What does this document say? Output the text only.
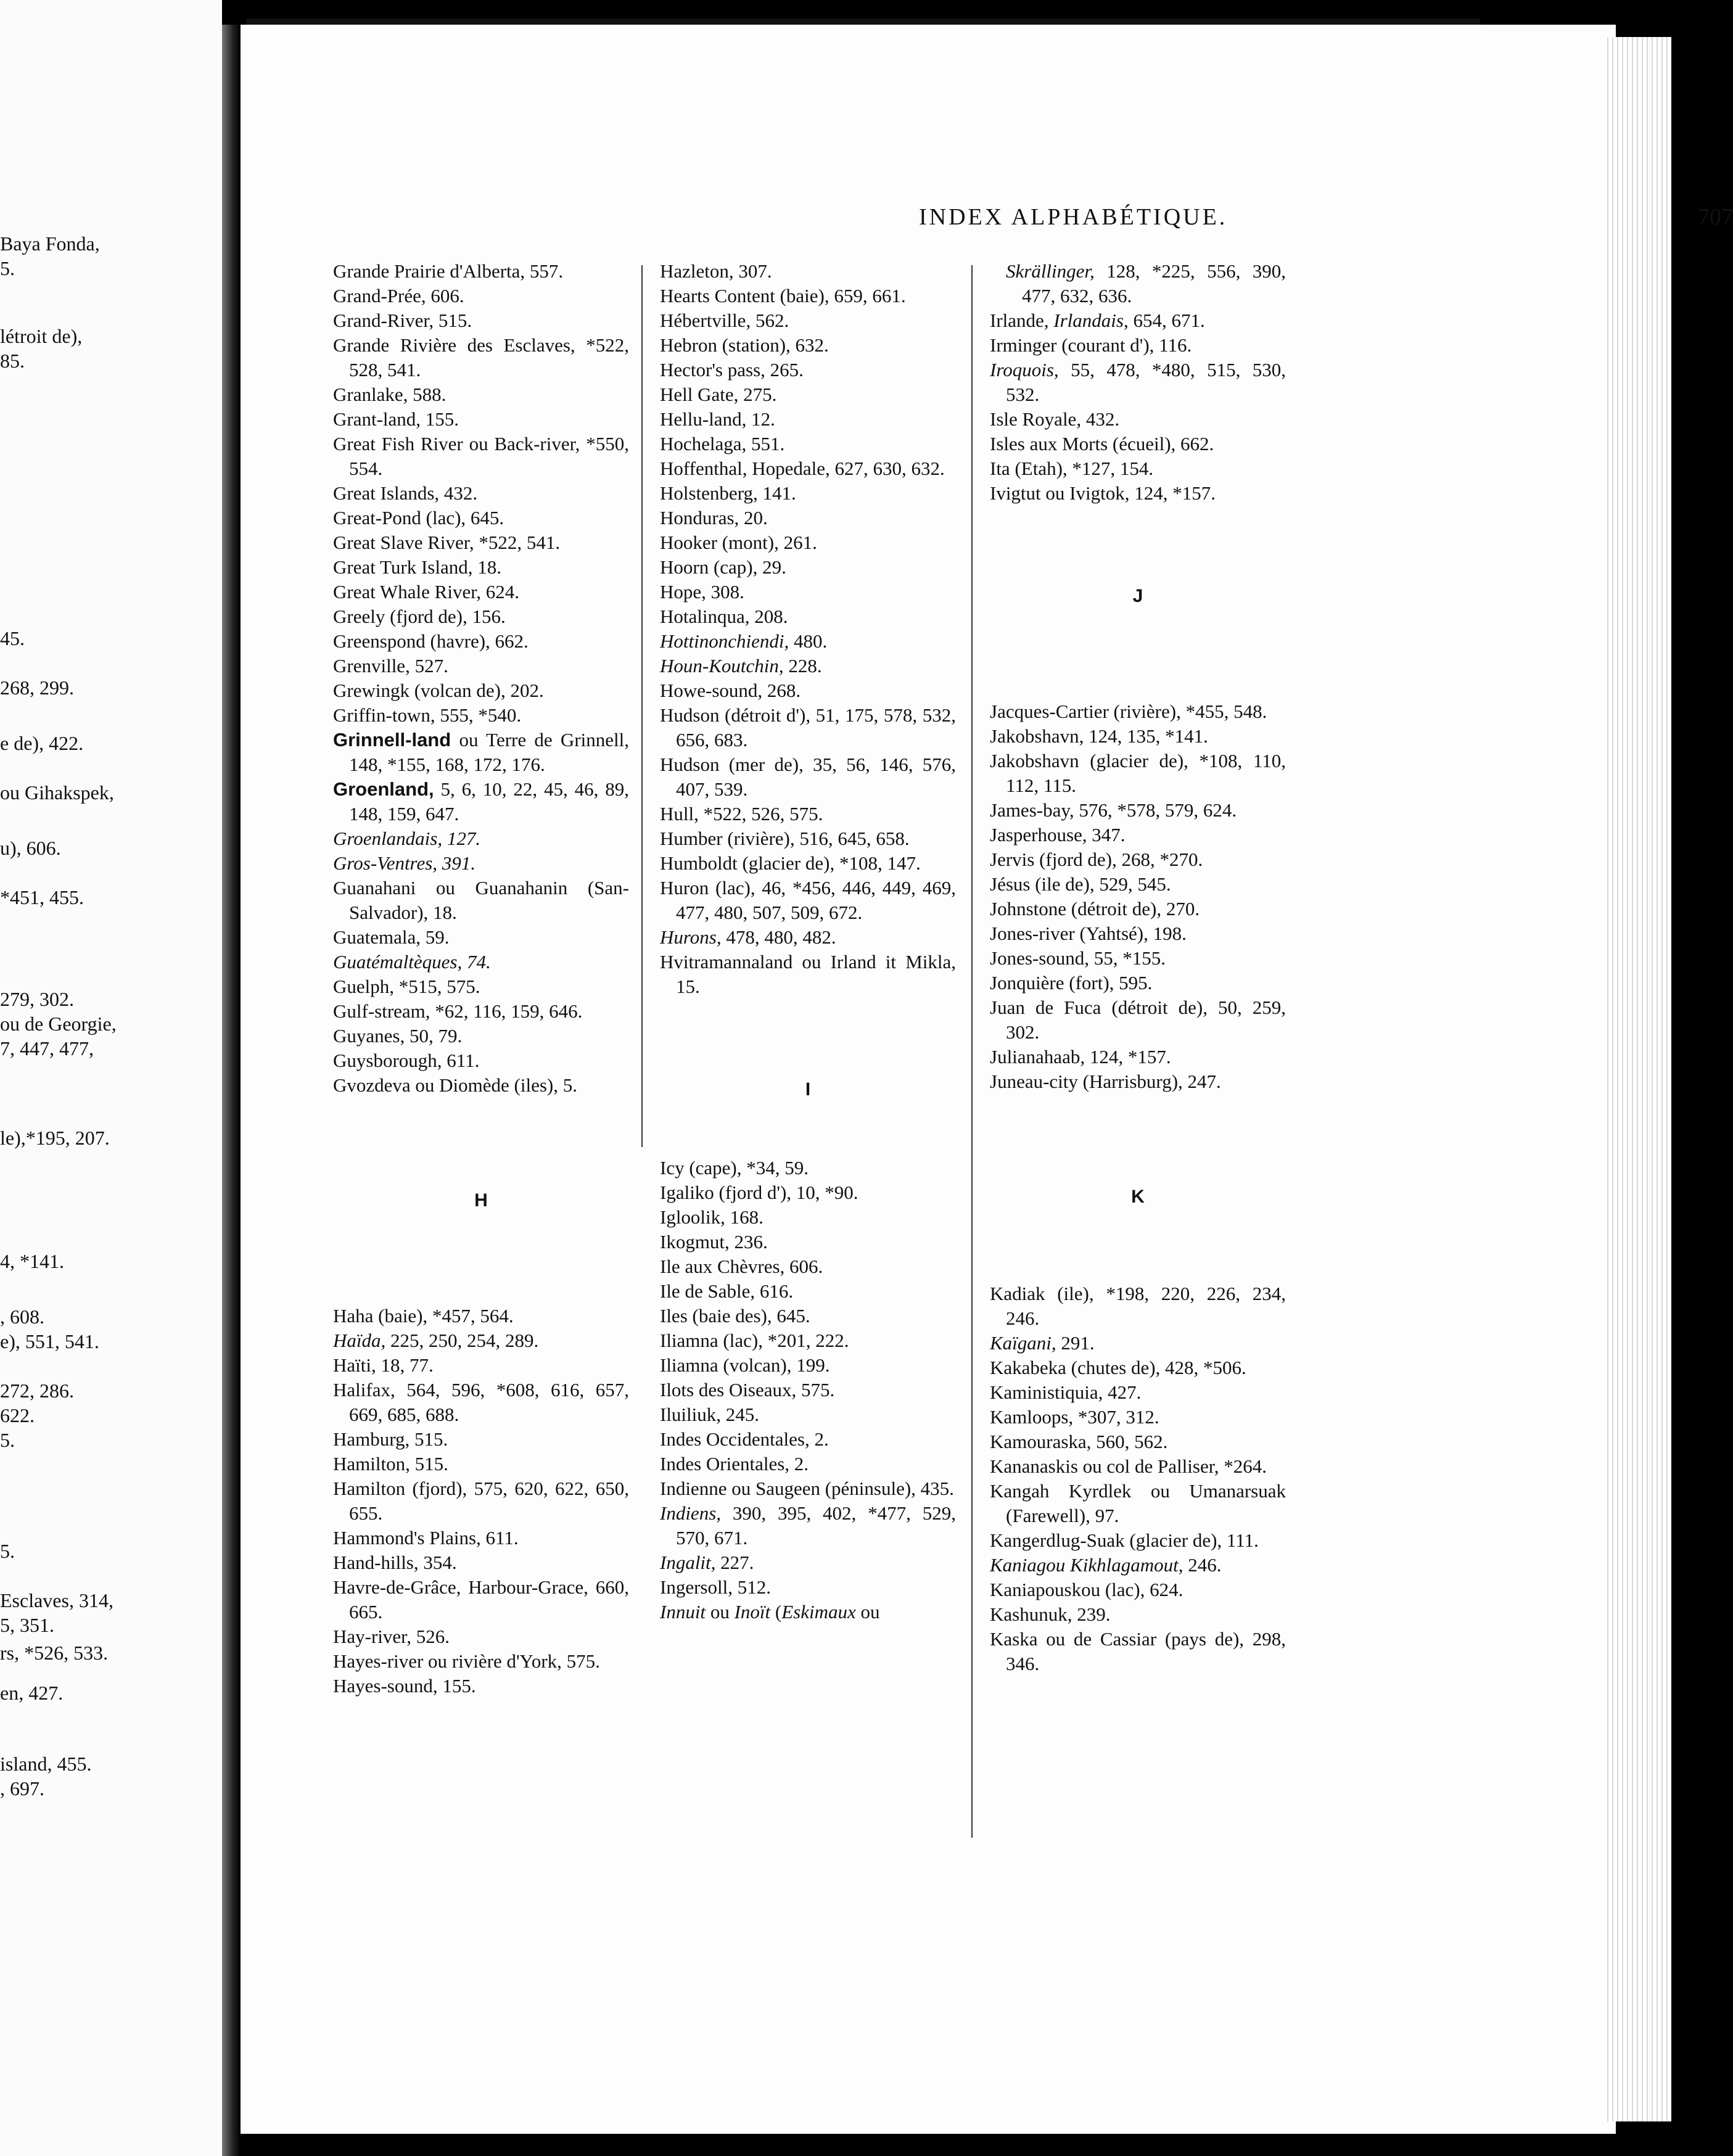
Baya Fonda,
5.
létroit de),
85.
45.
268, 299.
e de), 422.
ou Gihakspek,
u), 606.
*451, 455.
279, 302.
ou de Georgie,
7, 447, 477,
le),*195, 207.
4, *141.
, 608.
e), 551, 541.
272, 286.
622.
5.
5.
Esclaves, 314,
5, 351.
rs, *526, 533.
en, 427.
island, 455.
, 697.
INDEX ALPHABÉTIQUE.	707

Grande Prairie d'Alberta, 557.

Grand-Prée, 606.

Grand-River, 515.

Grande Rivière des Esclaves, *522, 528, 541.

Granlake, 588.

Grant-land, 155.

Great Fish River ou Back-river, *550, 554.

Great Islands, 432.

Great-Pond (lac), 645.

Great Slave River, *522, 541.

Great Turk Island, 18.

Great Whale River, 624.

Greely (fjord de), 156.

Greenspond (havre), 662.

Grenville, 527.

Grewingk (volcan de), 202.

Griffin-town, 555, *540.

Grinnell-land ou Terre de Grinnell, 148, *155, 168, 172, 176.

Groenland, 5, 6, 10, 22, 45, 46, 89, 148, 159, 647.

Groenlandais, 127.

Gros-Ventres, 391.

Guanahani ou Guanahanin (San-Salvador), 18.

Guatemala, 59.

Guatémaltèques, 74.

Guelph, *515, 575.

Gulf-stream, *62, 116, 159, 646.

Guyanes, 50, 79.

Guysborough, 611.

Gvozdeva ou Diomède (iles), 5.

H

Haha (baie), *457, 564.

Haïda, 225, 250, 254, 289.

Haïti, 18, 77.

Halifax, 564, 596, *608, 616, 657, 669, 685, 688.

Hamburg, 515.

Hamilton, 515.

Hamilton (fjord), 575, 620, 622, 650, 655.

Hammond's Plains, 611.

Hand-hills, 354.

Havre-de-Grâce, Harbour-Grace, 660, 665.

Hay-river, 526.

Hayes-river ou rivière d'York, 575.

Hayes-sound, 155.

Hazleton, 307.

Hearts Content (baie), 659, 661.

Hébertville, 562.

Hebron (station), 632.

Hector's pass, 265.

Hell Gate, 275.

Hellu-land, 12.

Hochelaga, 551.

Hoffenthal, Hopedale, 627, 630, 632.

Holstenberg, 141.

Honduras, 20.

Hooker (mont), 261.

Hoorn (cap), 29.

Hope, 308.

Hotalinqua, 208.

Hottinonchiendi, 480.

Houn-Koutchin, 228.

Howe-sound, 268.

Hudson (détroit d'), 51, 175, 578, 532, 656, 683.

Hudson (mer de), 35, 56, 146, 576, 407, 539.

Hull, *522, 526, 575.

Humber (rivière), 516, 645, 658.

Humboldt (glacier de), *108, 147.

Huron (lac), 46, *456, 446, 449, 469, 477, 480, 507, 509, 672.

Hurons, 478, 480, 482.

Hvitramannaland ou Irland it Mikla, 15.

I

Icy (cape), *34, 59.

Igaliko (fjord d'), 10, *90.

Igloolik, 168.

Ikogmut, 236.

Ile aux Chèvres, 606.

Ile de Sable, 616.

Iles (baie des), 645.

Iliamna (lac), *201, 222.

Iliamna (volcan), 199.

Ilots des Oiseaux, 575.

Iluiliuk, 245.

Indes Occidentales, 2.

Indes Orientales, 2.

Indienne ou Saugeen (péninsule), 435.

Indiens, 390, 395, 402, *477, 529, 570, 671.

Ingalit, 227.

Ingersoll, 512.

Innuit ou Inoït (Eskimaux ou

Skrällinger, 128, *225, 556, 390, 477, 632, 636.

Irlande, Irlandais, 654, 671.

Irminger (courant d'), 116.

Iroquois, 55, 478, *480, 515, 530, 532.

Isle Royale, 432.

Isles aux Morts (écueil), 662.

Ita (Etah), *127, 154.

Ivigtut ou Ivigtok, 124, *157.

J

Jacques-Cartier (rivière), *455, 548.

Jakobshavn, 124, 135, *141.

Jakobshavn (glacier de), *108, 110, 112, 115.

James-bay, 576, *578, 579, 624.

Jasperhouse, 347.

Jervis (fjord de), 268, *270.

Jésus (ile de), 529, 545.

Johnstone (détroit de), 270.

Jones-river (Yahtsé), 198.

Jones-sound, 55, *155.

Jonquière (fort), 595.

Juan de Fuca (détroit de), 50, 259, 302.

Julianahaab, 124, *157.

Juneau-city (Harrisburg), 247.

K

Kadiak (ile), *198, 220, 226, 234, 246.

Kaïgani, 291.

Kakabeka (chutes de), 428, *506.

Kaministiquia, 427.

Kamloops, *307, 312.

Kamouraska, 560, 562.

Kananaskis ou col de Palliser, *264.

Kangah Kyrdlek ou Umanarsuak (Farewell), 97.

Kangerdlug-Suak (glacier de), 111.

Kaniagou Kikhlagamout, 246.

Kaniapouskou (lac), 624.

Kashunuk, 239.

Kaska ou de Cassiar (pays de), 298, 346.
